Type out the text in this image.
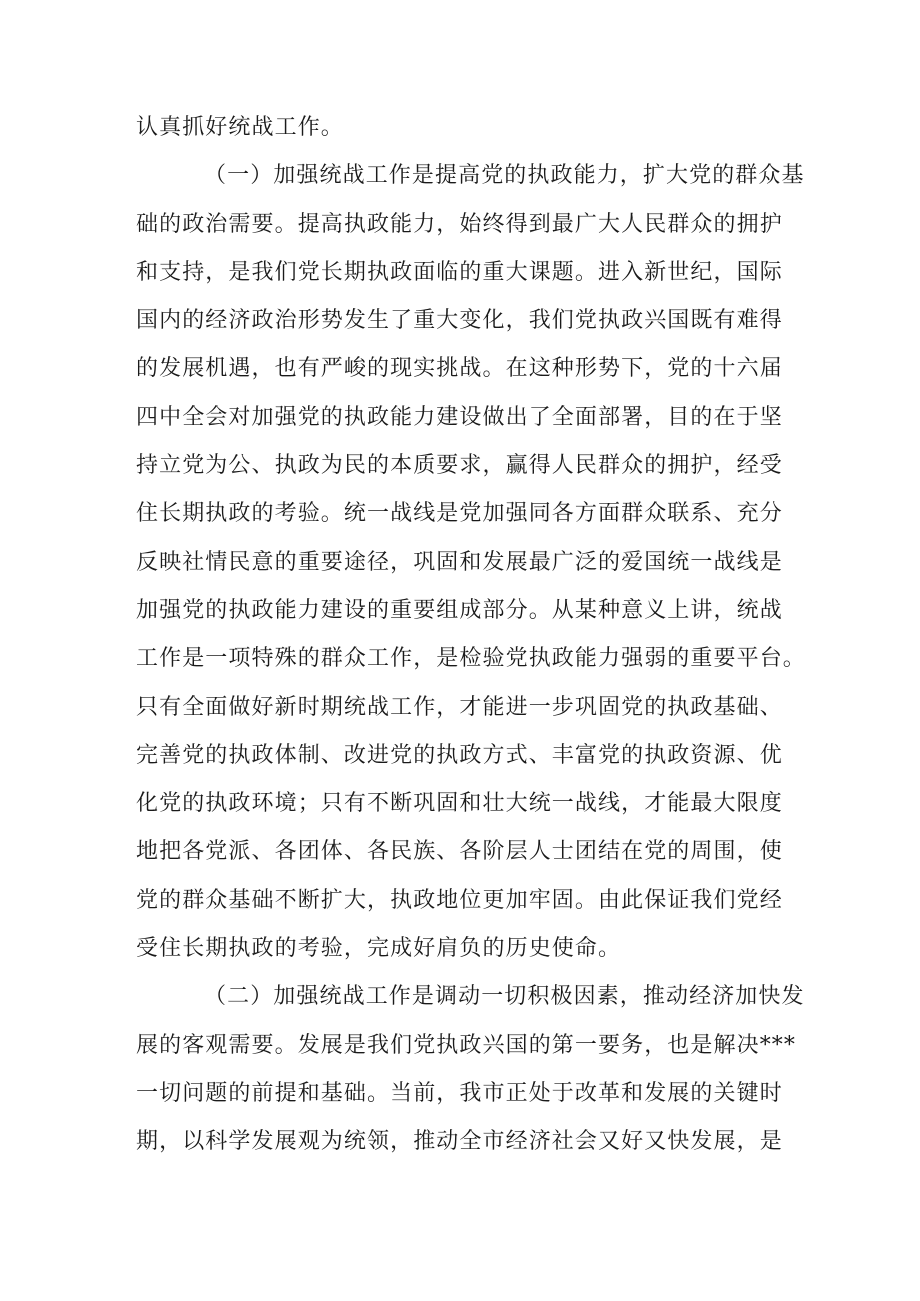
认真抓好统战工作。
（一）加强统战工作是提高党的执政能力，扩大党的群众基
础的政治需要。提高执政能力，始终得到最广大人民群众的拥护
和支持，是我们党长期执政面临的重大课题。进入新世纪，国际
国内的经济政治形势发生了重大变化，我们党执政兴国既有难得
的发展机遇，也有严峻的现实挑战。在这种形势下，党的十六届
四中全会对加强党的执政能力建设做出了全面部署，目的在于坚
持立党为公、执政为民的本质要求，赢得人民群众的拥护，经受
住长期执政的考验。统一战线是党加强同各方面群众联系、充分
反映社情民意的重要途径，巩固和发展最广泛的爱国统一战线是
加强党的执政能力建设的重要组成部分。从某种意义上讲，统战
工作是一项特殊的群众工作，是检验党执政能力强弱的重要平台。
只有全面做好新时期统战工作，才能进一步巩固党的执政基础、
完善党的执政体制、改进党的执政方式、丰富党的执政资源、优
化党的执政环境；只有不断巩固和壮大统一战线，才能最大限度
地把各党派、各团体、各民族、各阶层人士团结在党的周围，使
党的群众基础不断扩大，执政地位更加牢固。由此保证我们党经
受住长期执政的考验，完成好肩负的历史使命。
（二）加强统战工作是调动一切积极因素，推动经济加快发
展的客观需要。发展是我们党执政兴国的第一要务，也是解决***
一切问题的前提和基础。当前，我市正处于改革和发展的关键时
期，以科学发展观为统领，推动全市经济社会又好又快发展，是
